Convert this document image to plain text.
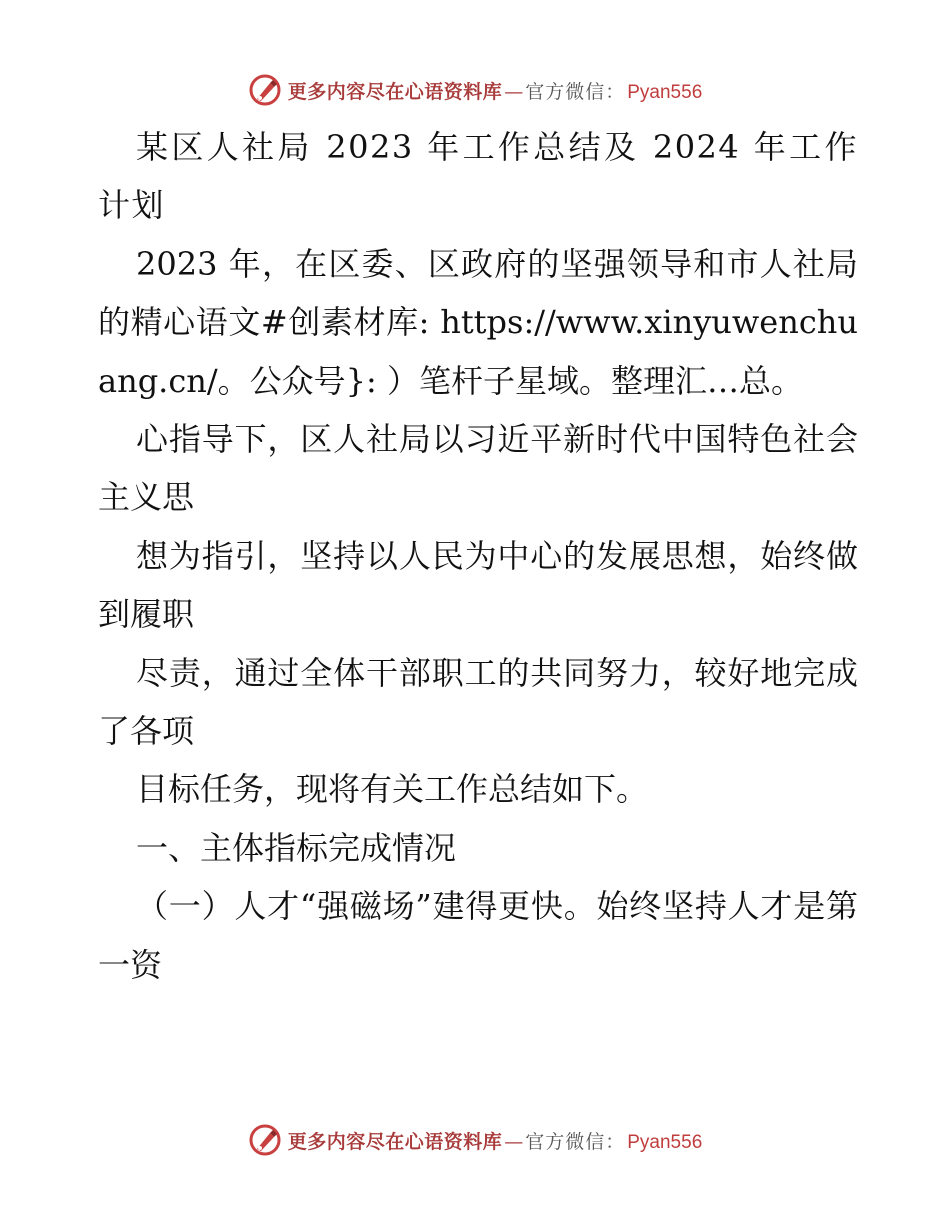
更多内容尽在心语资料库 — 官方微信： Pyan556

某区人社局 2023 年工作总结及 2024 年工作计划

2023 年，在区委、区政府的坚强领导和市人社局的精心语文#创素材库: https://www.xinyuwenchuang.cn/。公众号}: ）笔杆子星域。整理汇…总。

心指导下，区人社局以习近平新时代中国特色社会主义思

想为指引，坚持以人民为中心的发展思想，始终做到履职

尽责，通过全体干部职工的共同努力，较好地完成了各项

目标任务，现将有关工作总结如下。

一、主体指标完成情况

（一）人才“强磁场”建得更快。始终坚持人才是第一资

更多内容尽在心语资料库 — 官方微信： Pyan556
